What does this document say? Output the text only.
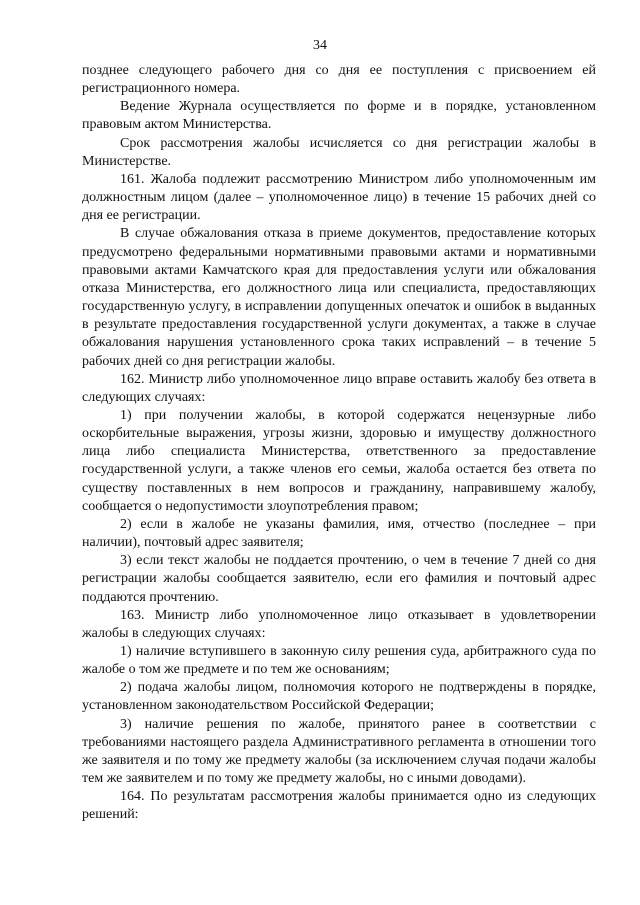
34

позднее следующего рабочего дня со дня ее поступления с присвоением ей регистрационного номера.

Ведение Журнала осуществляется по форме и в порядке, установленном правовым актом Министерства.

Срок рассмотрения жалобы исчисляется со дня регистрации жалобы в Министерстве.

161. Жалоба подлежит рассмотрению Министром либо уполномоченным им должностным лицом (далее – уполномоченное лицо) в течение 15 рабочих дней со дня ее регистрации.

В случае обжалования отказа в приеме документов, предоставление которых предусмотрено федеральными нормативными правовыми актами и нормативными правовыми актами Камчатского края для предоставления услуги или обжалования отказа Министерства, его должностного лица или специалиста, предоставляющих государственную услугу, в исправлении допущенных опечаток и ошибок в выданных в результате предоставления государственной услуги документах, а также в случае обжалования нарушения установленного срока таких исправлений – в течение 5 рабочих дней со дня регистрации жалобы.

162. Министр либо уполномоченное лицо вправе оставить жалобу без ответа в следующих случаях:

1) при получении жалобы, в которой содержатся нецензурные либо оскорбительные выражения, угрозы жизни, здоровью и имуществу должностного лица либо специалиста Министерства, ответственного за предоставление государственной услуги, а также членов его семьи, жалоба остается без ответа по существу поставленных в нем вопросов и гражданину, направившему жалобу, сообщается о недопустимости злоупотребления правом;

2) если в жалобе не указаны фамилия, имя, отчество (последнее – при наличии), почтовый адрес заявителя;

3) если текст жалобы не поддается прочтению, о чем в течение 7 дней со дня регистрации жалобы сообщается заявителю, если его фамилия и почтовый адрес поддаются прочтению.

163. Министр либо уполномоченное лицо отказывает в удовлетворении жалобы в следующих случаях:

1) наличие вступившего в законную силу решения суда, арбитражного суда по жалобе о том же предмете и по тем же основаниям;

2) подача жалобы лицом, полномочия которого не подтверждены в порядке, установленном законодательством Российской Федерации;

3) наличие решения по жалобе, принятого ранее в соответствии с требованиями настоящего раздела Административного регламента в отношении того же заявителя и по тому же предмету жалобы (за исключением случая подачи жалобы тем же заявителем и по тому же предмету жалобы, но с иными доводами).

164. По результатам рассмотрения жалобы принимается одно из следующих решений:
